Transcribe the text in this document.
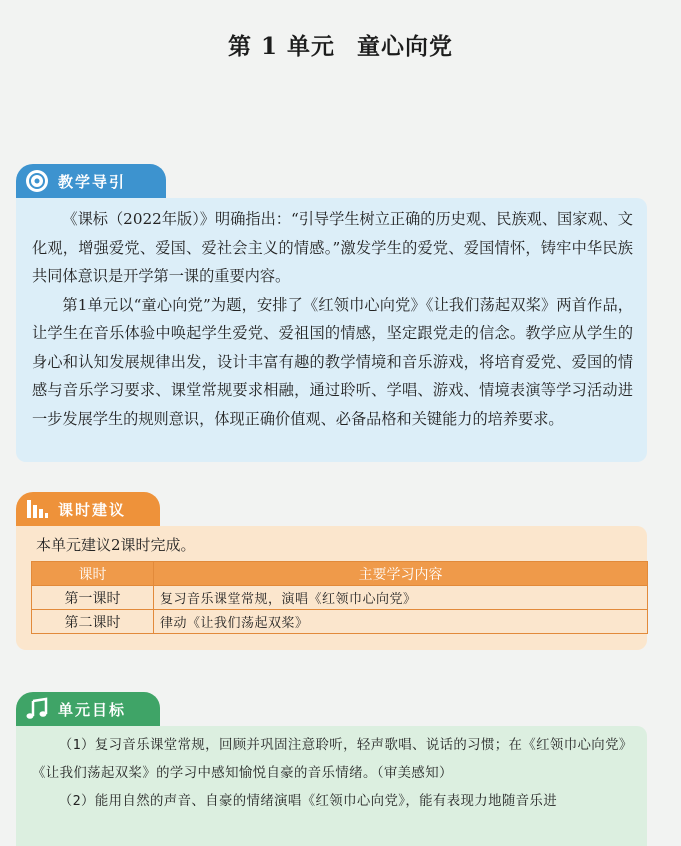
第 1 单元 童心向党
教学导引

《课标（2022年版）》明确指出：“引导学生树立正确的历史观、民族观、国家观、文化观，增强爱党、爱国、爱社会主义的情感。”激发学生的爱党、爱国情怀，铸牢中华民族共同体意识是开学第一课的重要内容。

第1单元以“童心向党”为题，安排了《红领巾心向党》《让我们荡起双桨》两首作品，让学生在音乐体验中唤起学生爱党、爱祖国的情感，坚定跟党走的信念。教学应从学生的身心和认知发展规律出发，设计丰富有趣的教学情境和音乐游戏，将培育爱党、爱国的情感与音乐学习要求、课堂常规要求相融，通过聆听、学唱、游戏、情境表演等学习活动进一步发展学生的规则意识，体现正确价值观、必备品格和关键能力的培养要求。

课时建议
本单元建议2课时完成。
课时	主要学习内容
第一课时	复习音乐课堂常规，演唱《红领巾心向党》
第二课时	律动《让我们荡起双桨》
单元目标

（1）复习音乐课堂常规，回顾并巩固注意聆听，轻声歌唱、说话的习惯；在《红领巾心向党》《让我们荡起双桨》的学习中感知愉悦自豪的音乐情绪。（审美感知）

（2）能用自然的声音、自豪的情绪演唱《红领巾心向党》，能有表现力地随音乐进
